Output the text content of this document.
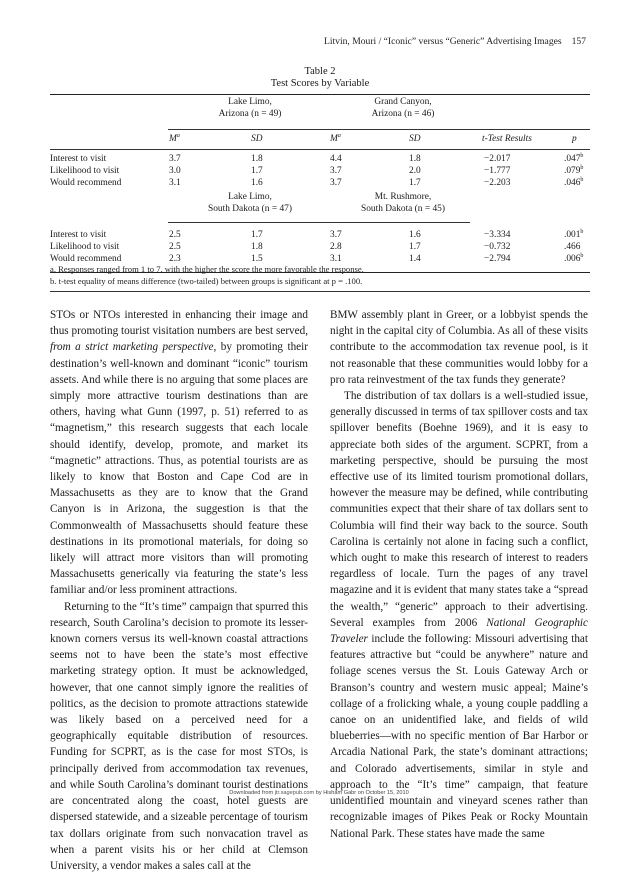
Litvin, Mouri / “Iconic” versus “Generic” Advertising Images 157
Table 2
Test Scores by Variable
Lake Limo,
Arizona (n = 49)
Grand Canyon,
Arizona (n = 46)
$M^a$	SD	$M^a$	SD	t-Test Results	p
Interest to visit	3.7	1.8	4.4	1.8	−2.017	.047$^b$
Likelihood to visit	3.0	1.7	3.7	2.0	−1.777	.079$^b$
Would recommend	3.1	1.6	3.7	1.7	−2.203	.046$^b$
Lake Limo,
South Dakota (n = 47)
Mt. Rushmore,
South Dakota (n = 45)
Interest to visit	2.5	1.7	3.7	1.6	−3.334	.001$^b$
Likelihood to visit	2.5	1.8	2.8	1.7	−0.732	.466
Would recommend	2.3	1.5	3.1	1.4	−2.794	.006$^b$
a. Responses ranged from 1 to 7, with the higher the score the more favorable the response.
b. t-test equality of means difference (two-tailed) between groups is significant at p = .100.

STOs or NTOs interested in enhancing their image and thus promoting tourist visitation numbers are best served, from a strict marketing perspective, by promoting their destination’s well-known and dominant “iconic” tourism assets. And while there is no arguing that some places are simply more attractive tourism destinations than are others, having what Gunn (1997, p. 51) referred to as “magnetism,” this research suggests that each locale should identify, develop, promote, and market its “magnetic” attractions. Thus, as potential tourists are as likely to know that Boston and Cape Cod are in Massachusetts as they are to know that the Grand Canyon is in Arizona, the suggestion is that the Commonwealth of Massachusetts should feature these destinations in its promotional materials, for doing so likely will attract more visitors than will promoting Massachusetts generically via featuring the state’s less familiar and/or less prominent attractions.

Returning to the “It’s time” campaign that spurred this research, South Carolina’s decision to promote its lesser-known corners versus its well-known coastal attractions seems not to have been the state’s most effective marketing strategy option. It must be acknowledged, however, that one cannot simply ignore the realities of politics, as the decision to promote attractions statewide was likely based on a perceived need for a geographically equitable distribution of resources. Funding for SCPRT, as is the case for most STOs, is principally derived from accommodation tax revenues, and while South Carolina’s dominant tourist destinations are concentrated along the coast, hotel guests are dispersed statewide, and a sizeable percentage of tourism tax dollars originate from such nonvacation travel as when a parent visits his or her child at Clemson University, a vendor makes a sales call at the

BMW assembly plant in Greer, or a lobbyist spends the night in the capital city of Columbia. As all of these visits contribute to the accommodation tax revenue pool, is it not reasonable that these communities would lobby for a pro rata reinvestment of the tax funds they generate?

The distribution of tax dollars is a well-studied issue, generally discussed in terms of tax spillover costs and tax spillover benefits (Boehne 1969), and it is easy to appreciate both sides of the argument. SCPRT, from a marketing perspective, should be pursuing the most effective use of its limited tourism promotional dollars, however the measure may be defined, while contributing communities expect that their share of tax dollars sent to Columbia will find their way back to the source. South Carolina is certainly not alone in facing such a conflict, which ought to make this research of interest to readers regardless of locale. Turn the pages of any travel magazine and it is evident that many states take a “spread the wealth,” “generic” approach to their advertising. Several examples from 2006 National Geographic Traveler include the following: Missouri advertising that features attractive but “could be anywhere” nature and foliage scenes versus the St. Louis Gateway Arch or Branson’s country and western music appeal; Maine’s collage of a frolicking whale, a young couple paddling a canoe on an unidentified lake, and fields of wild blueberries—with no specific mention of Bar Harbor or Arcadia National Park, the state’s dominant attractions; and Colorado advertisements, similar in style and approach to the “It’s time” campaign, that feature unidentified mountain and vineyard scenes rather than recognizable images of Pikes Peak or Rocky Mountain National Park. These states have made the same

Downloaded from jtr.sagepub.com by Hisham Gabr on October 15, 2010
